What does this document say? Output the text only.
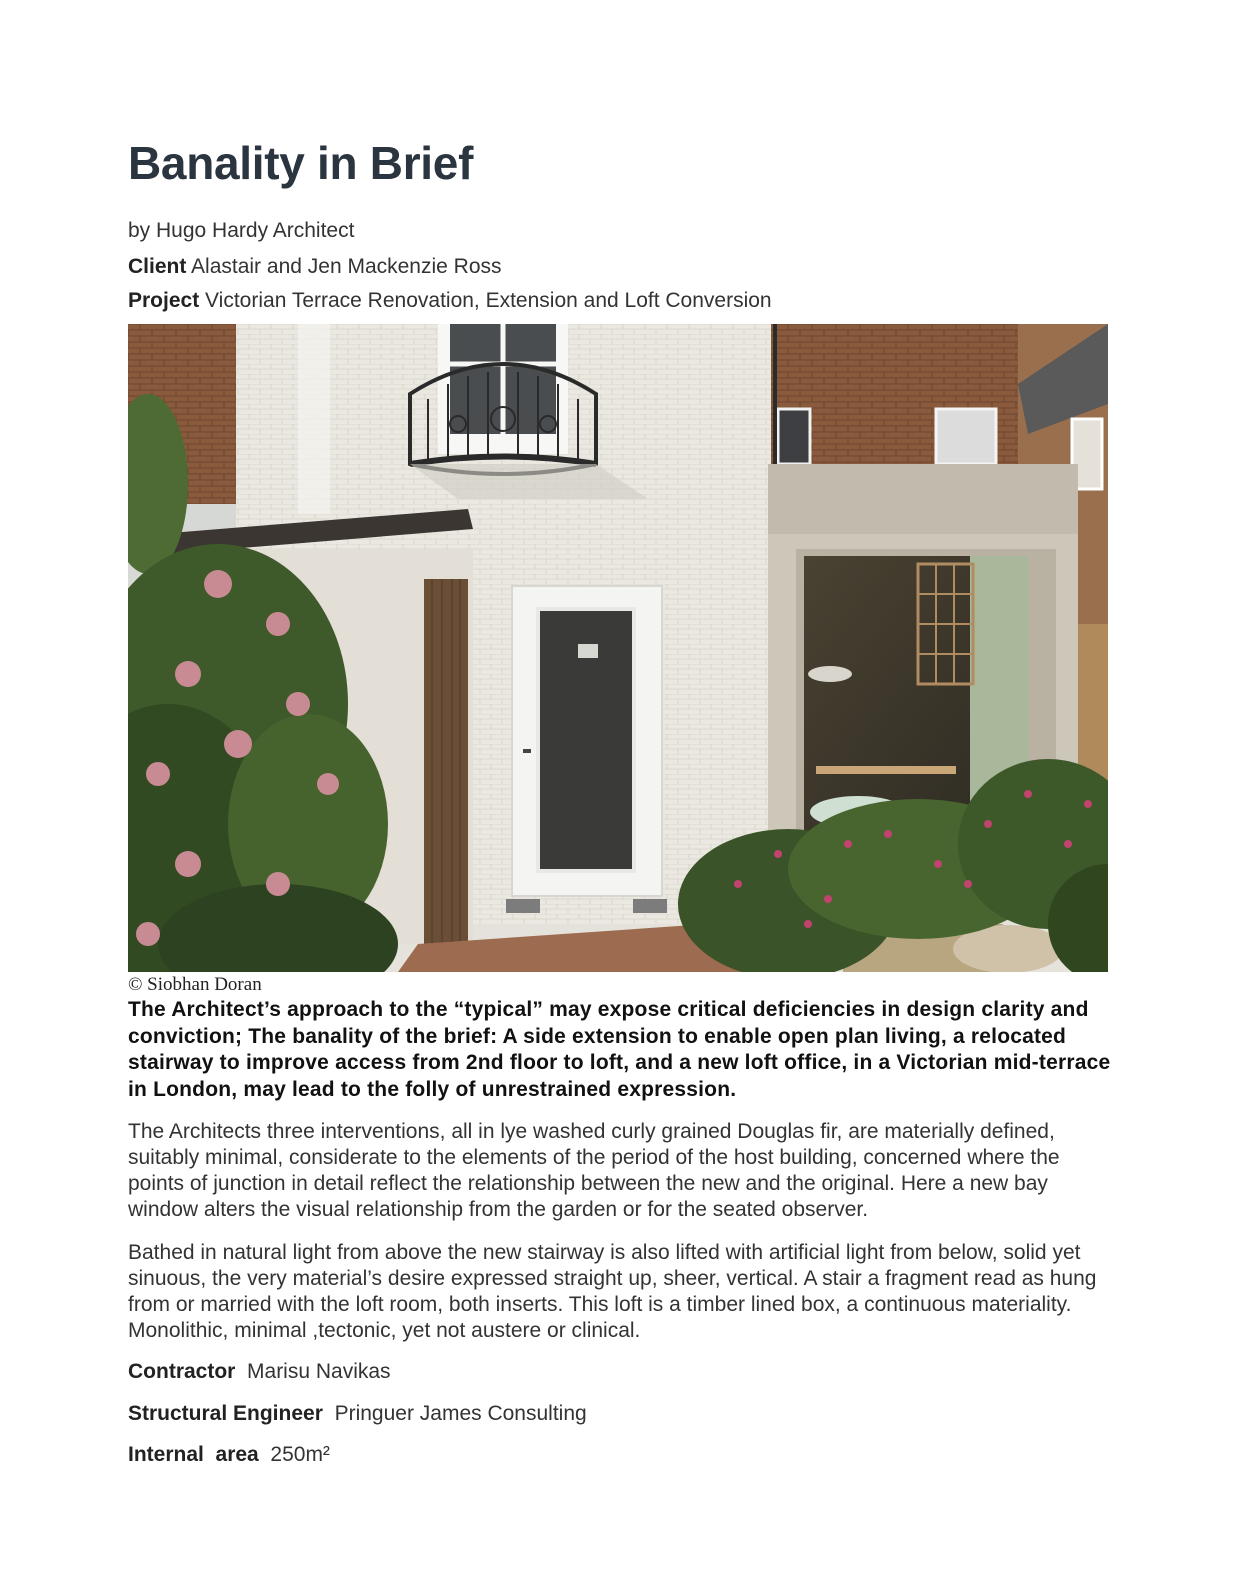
Banality in Brief
by Hugo Hardy Architect
Client Alastair and Jen Mackenzie Ross
Project Victorian Terrace Renovation, Extension and Loft Conversion
© Siobhan Doran

The Architect’s approach to the “typical” may expose critical deficiencies in design clarity and conviction; The banality of the brief: A side extension to enable open plan living, a relocated stairway to improve access from 2nd floor to loft, and a new loft office, in a Victorian mid-terrace in London, may lead to the folly of unrestrained expression.

The Architects three interventions, all in lye washed curly grained Douglas fir, are materially defined, suitably minimal, considerate to the elements of the period of the host building, concerned where the points of junction in detail reflect the relationship between the new and the original. Here a new bay window alters the visual relationship from the garden or for the seated observer.

Bathed in natural light from above the new stairway is also lifted with artificial light from below, solid yet sinuous, the very material’s desire expressed straight up, sheer, vertical. A stair a fragment read as hung from or married with the loft room, both inserts. This loft is a timber lined box, a continuous materiality. Monolithic, minimal ,tectonic, yet not austere or clinical.

Contractor Marisu Navikas
Structural Engineer Pringuer James Consulting
Internal  area 250m²
